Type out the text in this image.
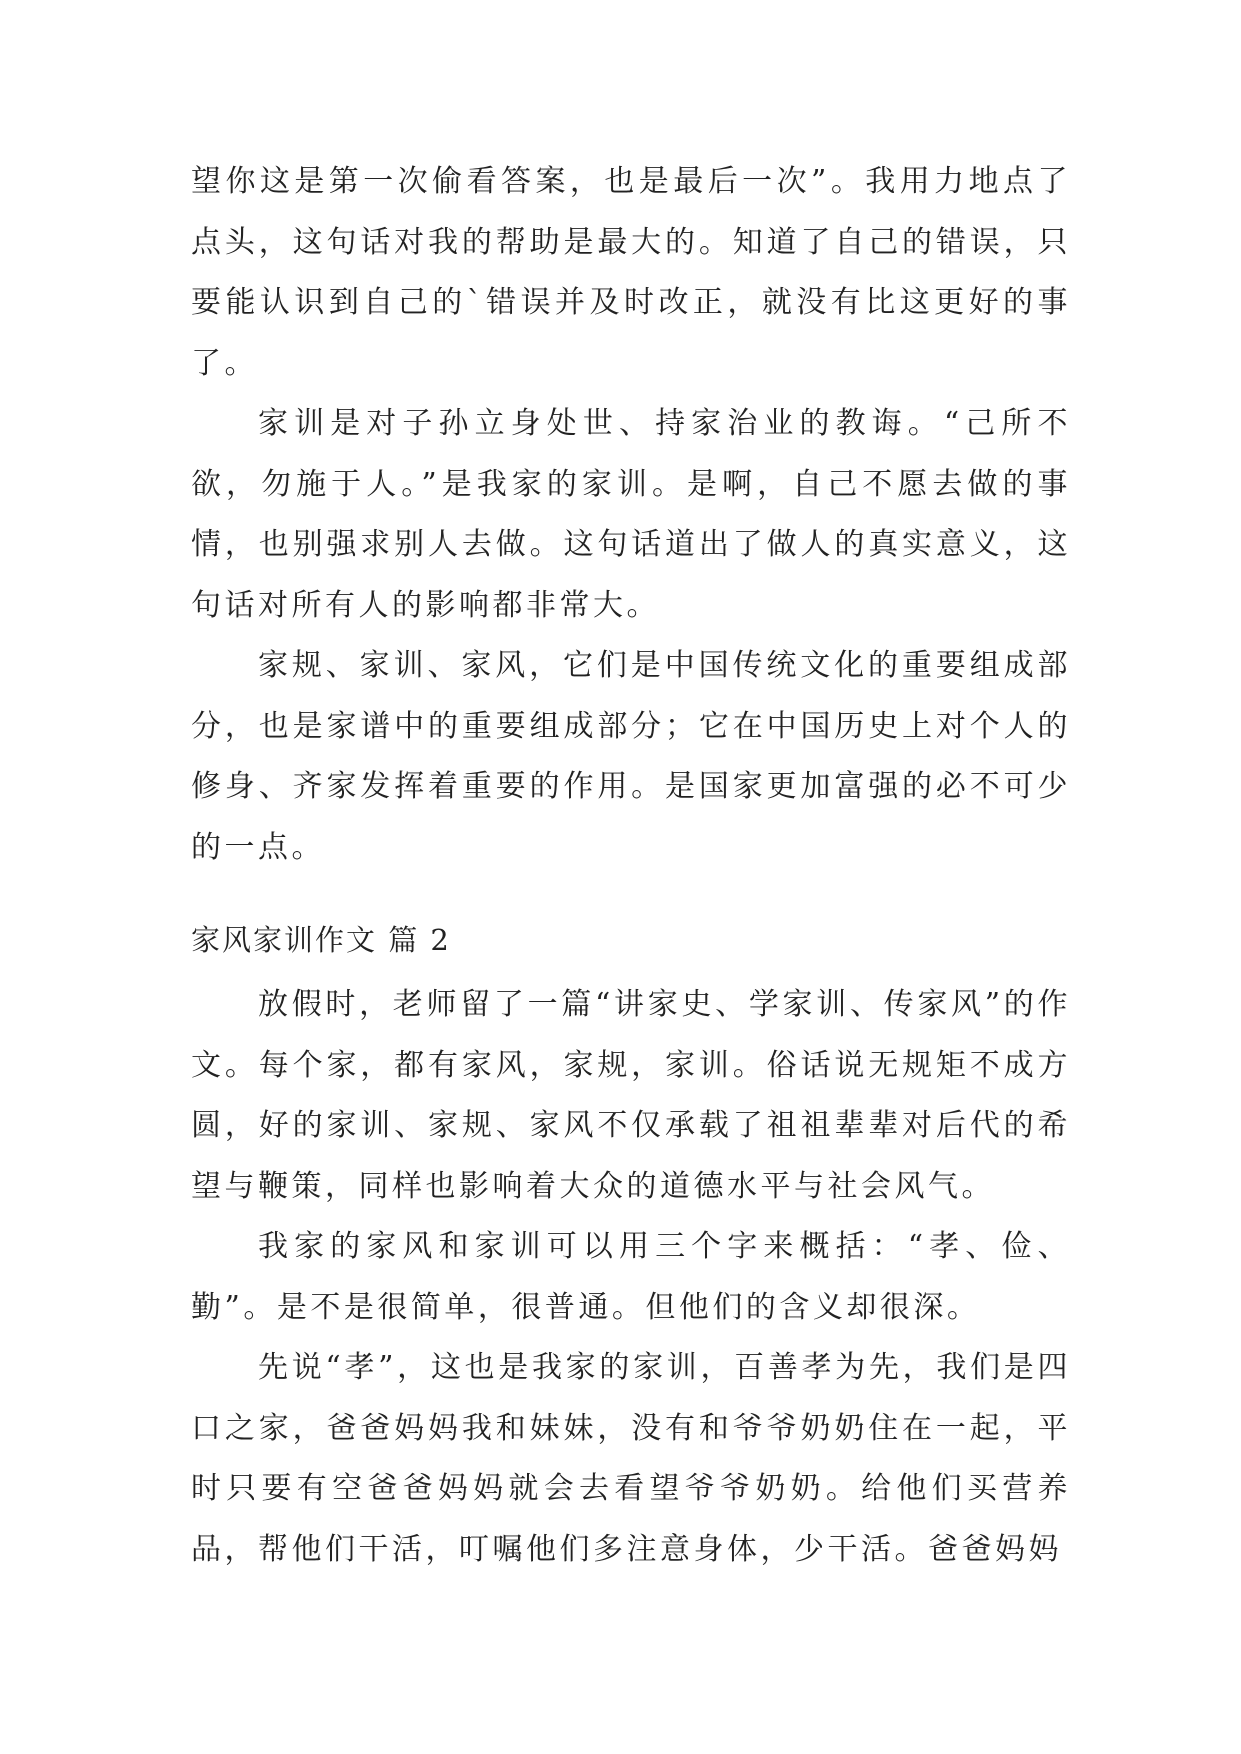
望你这是第一次偷看答案，也是最后一次”。我用力地点了点头，这句话对我的帮助是最大的。知道了自己的错误，只要能认识到自己的`错误并及时改正，就没有比这更好的事了。

家训是对子孙立身处世、持家治业的教诲。“己所不欲，勿施于人。”是我家的家训。是啊，自己不愿去做的事情，也别强求别人去做。这句话道出了做人的真实意义，这句话对所有人的影响都非常大。

家规、家训、家风，它们是中国传统文化的重要组成部分，也是家谱中的重要组成部分；它在中国历史上对个人的修身、齐家发挥着重要的作用。是国家更加富强的必不可少的一点。

家风家训作文 篇 2

放假时，老师留了一篇“讲家史、学家训、传家风”的作文。每个家，都有家风，家规，家训。俗话说无规矩不成方圆，好的家训、家规、家风不仅承载了祖祖辈辈对后代的希望与鞭策，同样也影响着大众的道德水平与社会风气。

我家的家风和家训可以用三个字来概括：“孝、俭、勤”。是不是很简单，很普通。但他们的含义却很深。

先说“孝”，这也是我家的家训，百善孝为先，我们是四口之家，爸爸妈妈我和妹妹，没有和爷爷奶奶住在一起，平时只要有空爸爸妈妈就会去看望爷爷奶奶。给他们买营养品，帮他们干活，叮嘱他们多注意身体，少干活。爸爸妈妈
